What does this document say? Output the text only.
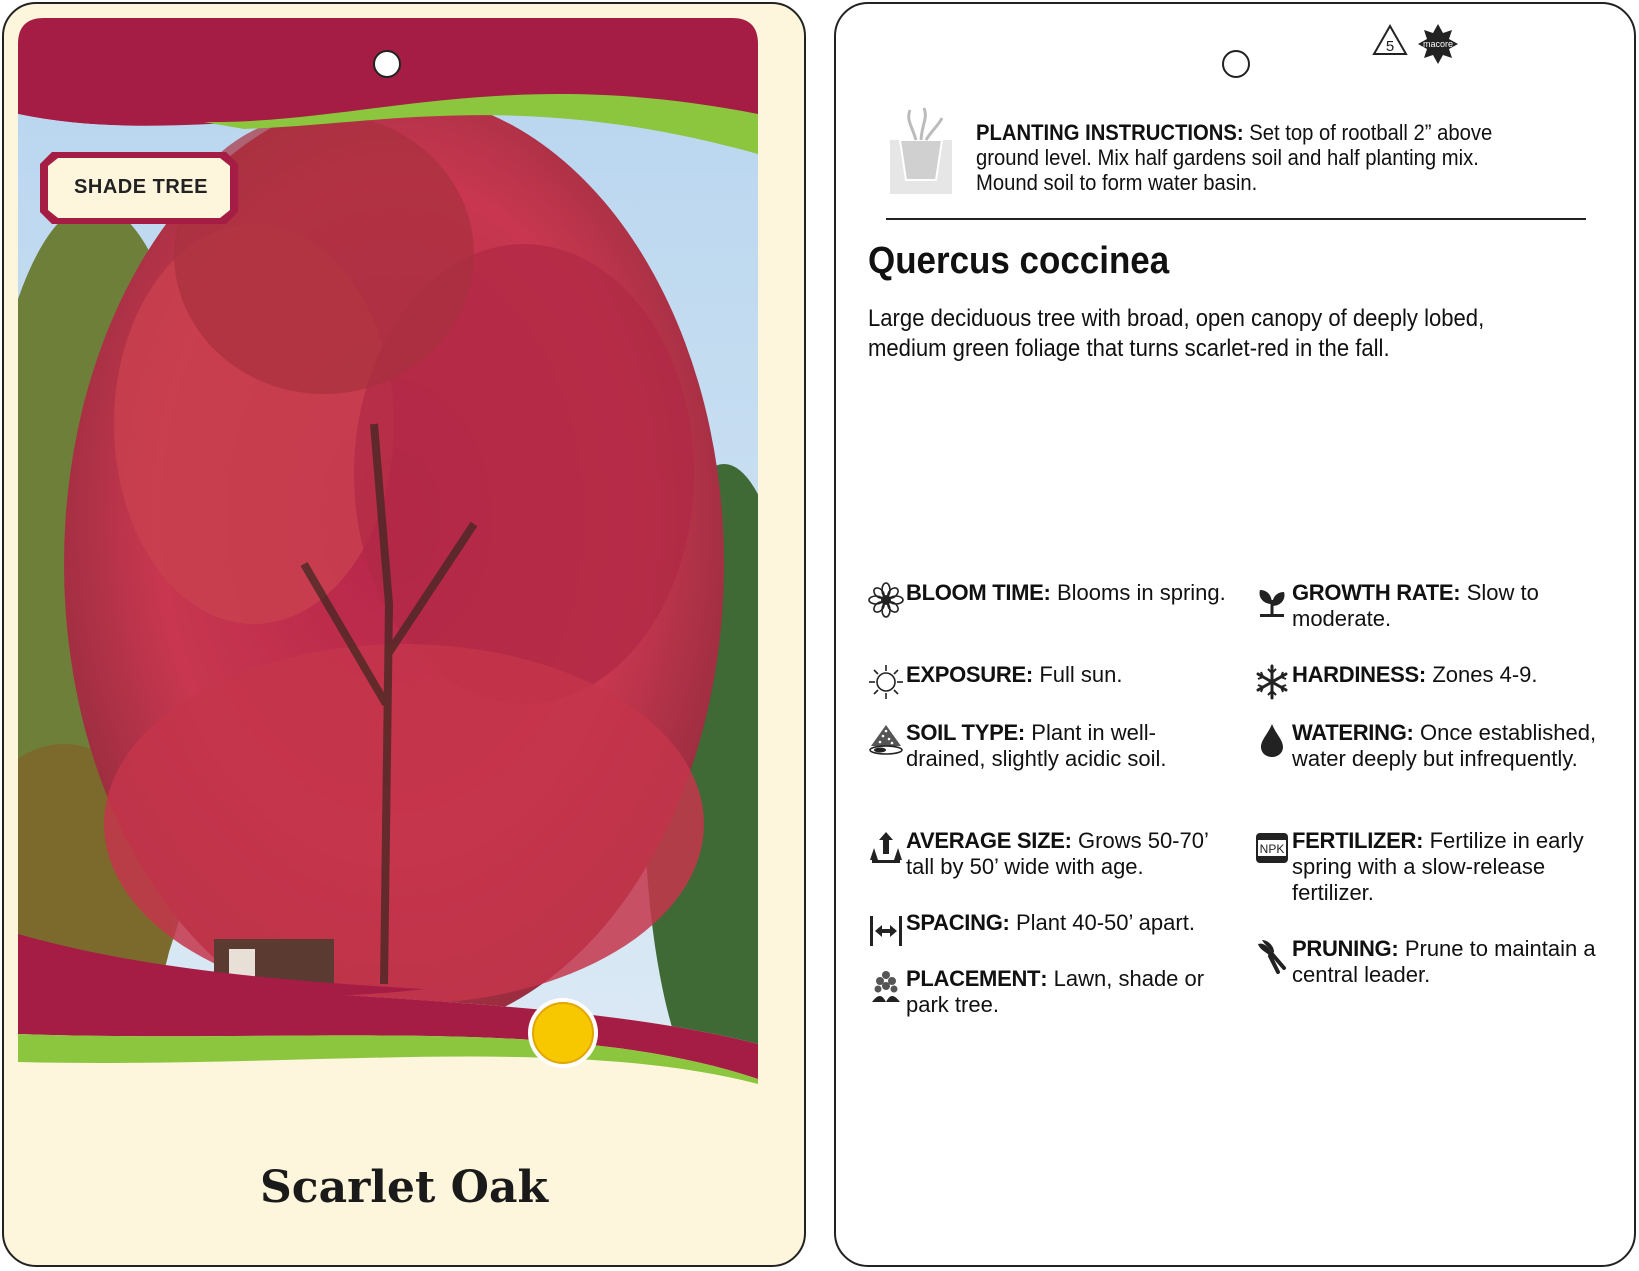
SHADE TREE
Scarlet Oak
5	macore
PLANTING INSTRUCTIONS: Set top of rootball 2” above ground level. Mix half gardens soil and half planting mix. Mound soil to form water basin.
Quercus coccinea
Large deciduous tree with broad, open canopy of deeply lobed, medium green foliage that turns scarlet-red in the fall.
BLOOM TIME: Blooms in spring.
EXPOSURE: Full sun.
SOIL TYPE: Plant in well-drained, slightly acidic soil.
AVERAGE SIZE: Grows 50-70’ tall by 50’ wide with age.
SPACING: Plant 40-50’ apart.
PLACEMENT: Lawn, shade or park tree.
GROWTH RATE: Slow to moderate.
HARDINESS: Zones 4-9.
WATERING: Once established, water deeply but infrequently.
NPK FERTILIZER: Fertilize in early spring with a slow-release fertilizer.
PRUNING: Prune to maintain a central leader.
